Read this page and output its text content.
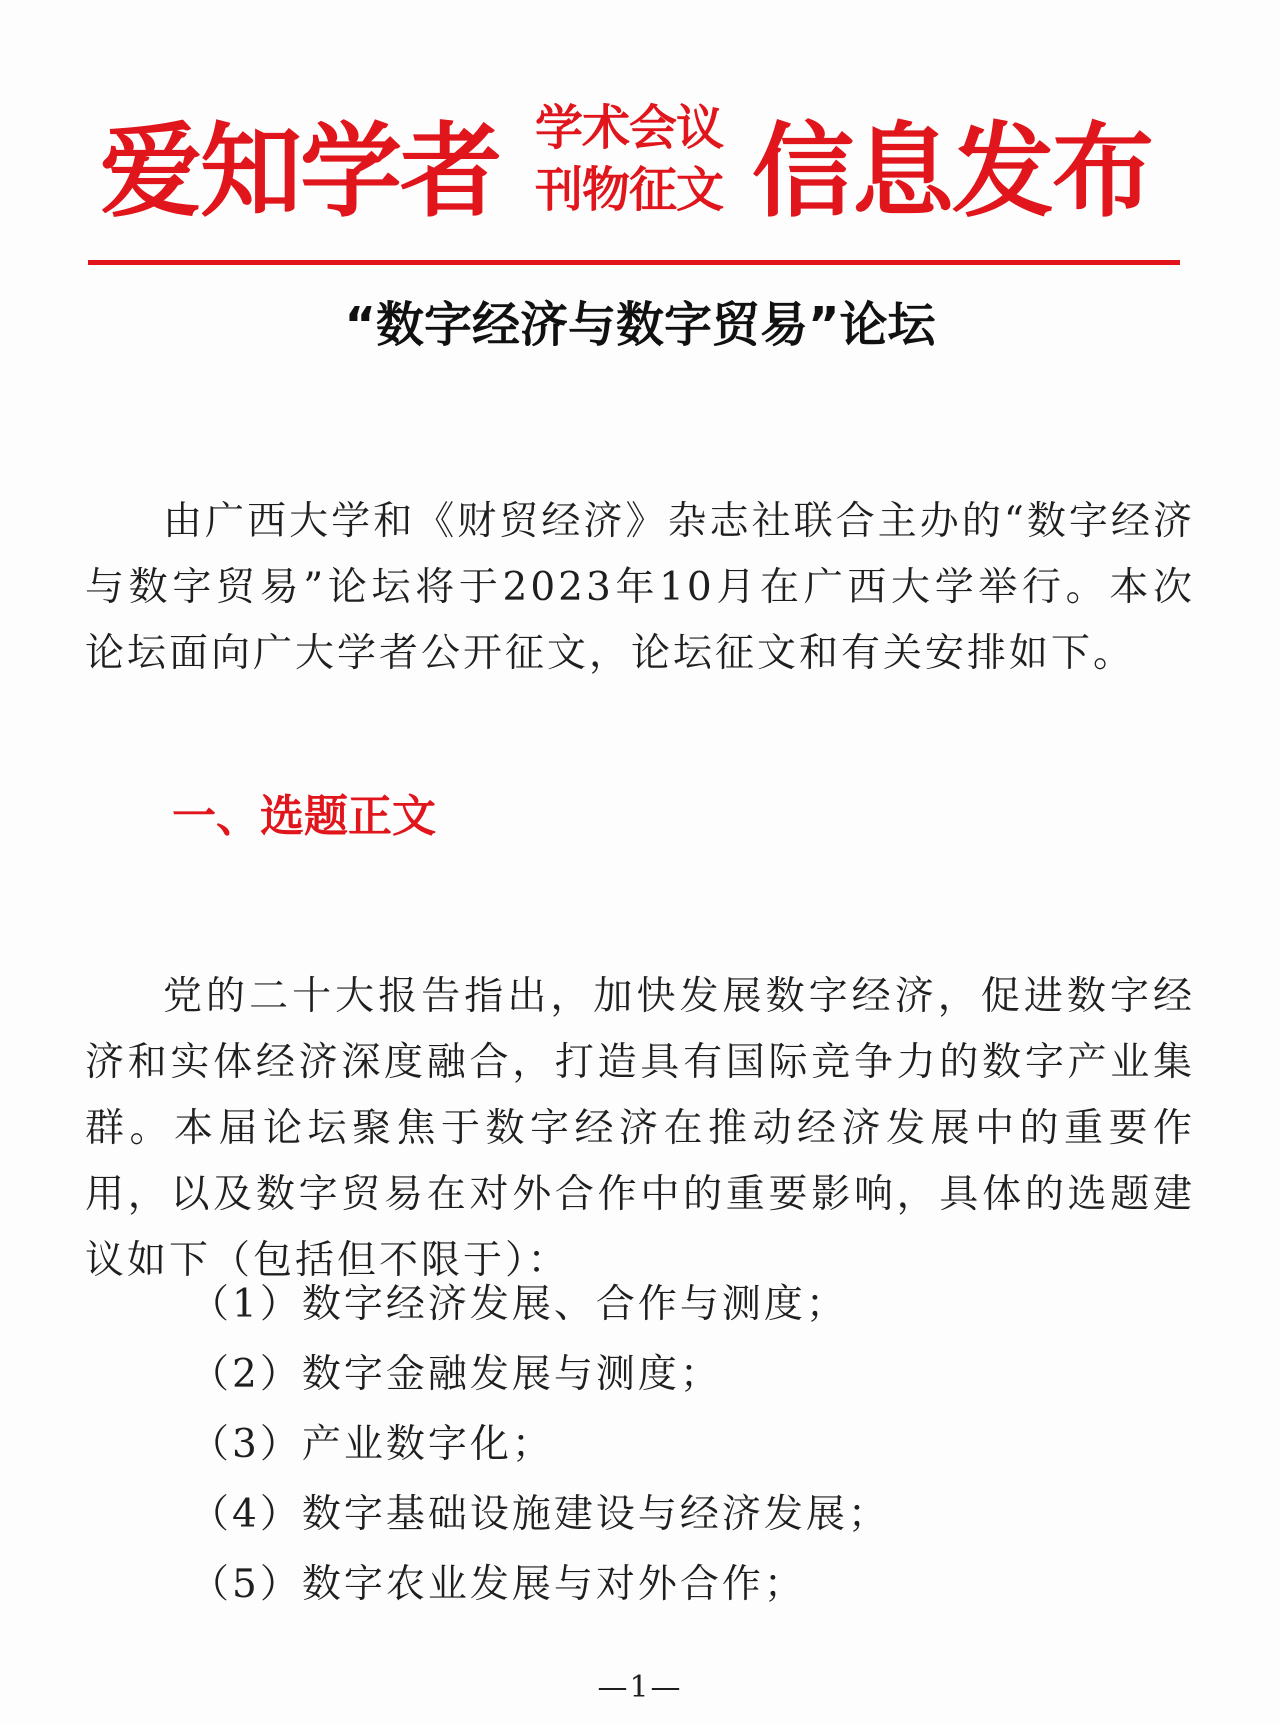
爱知学者 学术会议
刊物征文 信息发布
“数字经济与数字贸易”论坛

由广西大学和《财贸经济》杂志社联合主办的“数字经济与数字贸易”论坛将于2023年10月在广西大学举行。本次论坛面向广大学者公开征文，论坛征文和有关安排如下。

一、选题正文

党的二十大报告指出，加快发展数字经济，促进数字经济和实体经济深度融合，打造具有国际竞争力的数字产业集群。本届论坛聚焦于数字经济在推动经济发展中的重要作用，以及数字贸易在对外合作中的重要影响，具体的选题建议如下（包括但不限于）：

（1）数字经济发展、合作与测度；
（2）数字金融发展与测度；
（3）产业数字化；
（4）数字基础设施建设与经济发展；
（5）数字农业发展与对外合作；
—1—
